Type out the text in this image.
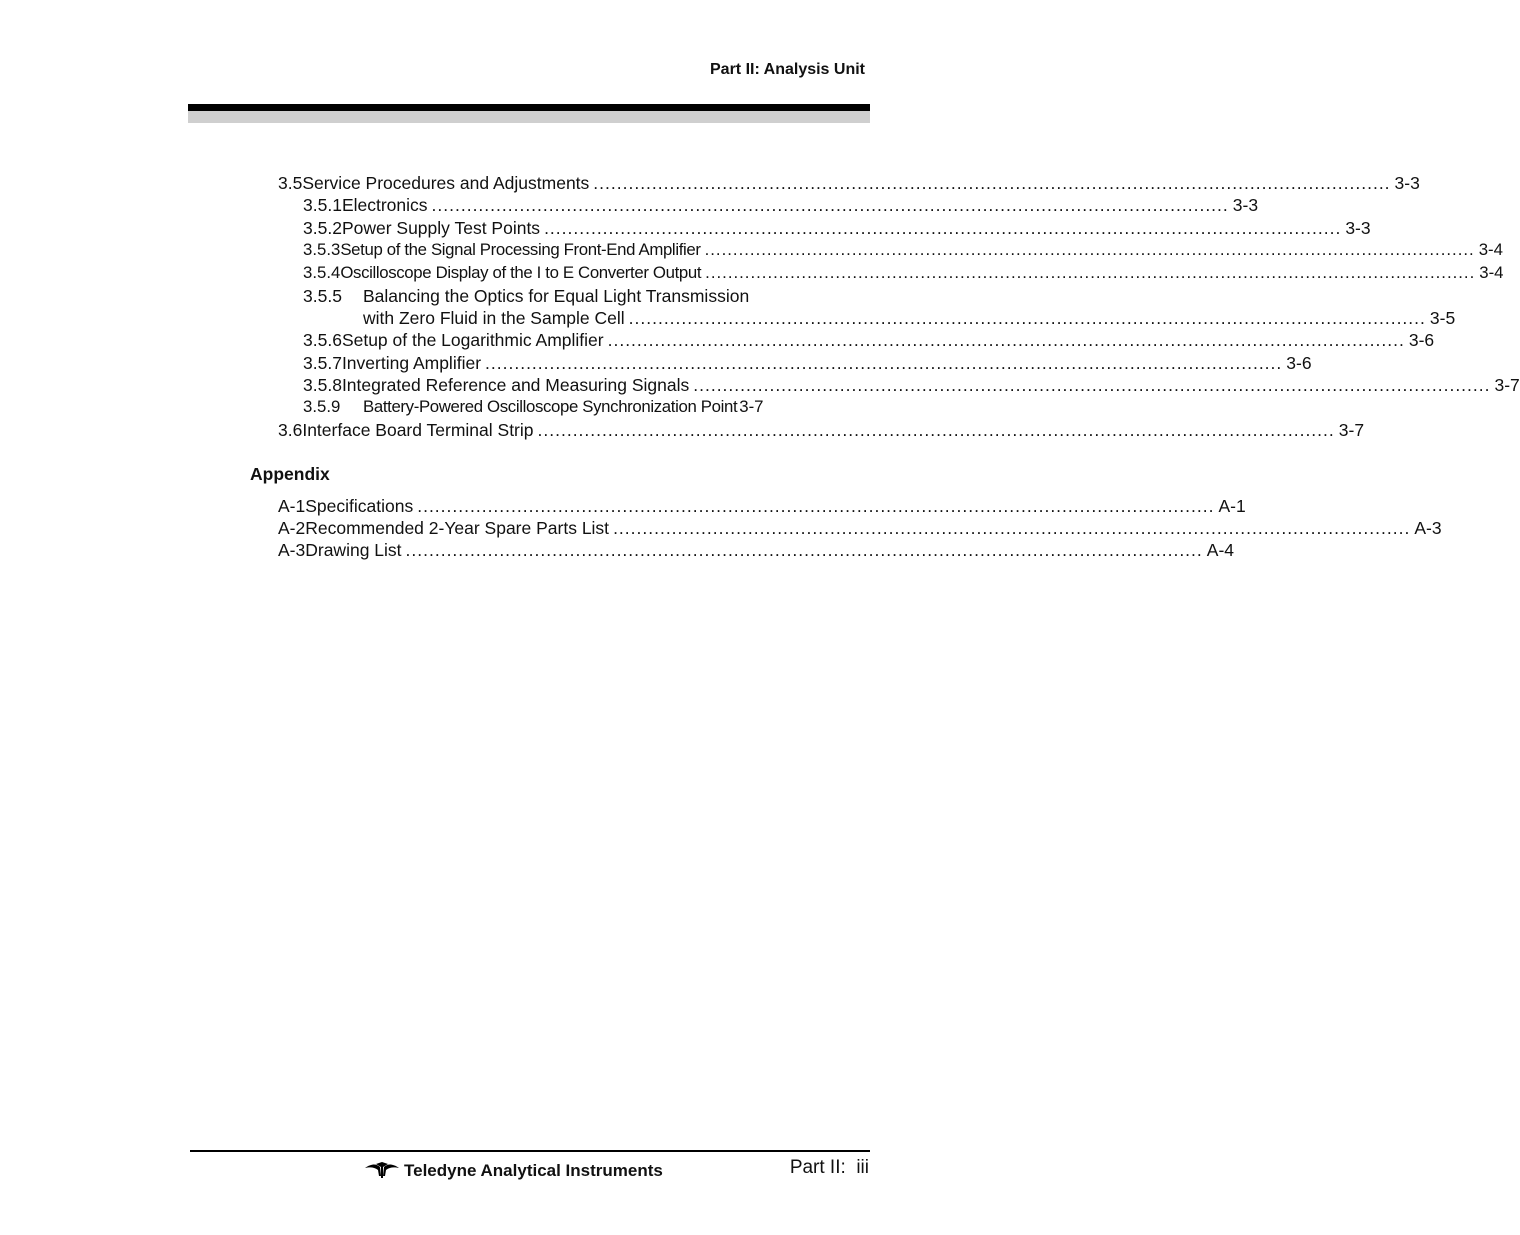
Part II: Analysis Unit
3.5 Service Procedures and Adjustments ........................................................................................................................................ 3-3
3.5.1 Electronics ........................................................................................................................................ 3-3
3.5.2 Power Supply Test Points ........................................................................................................................................ 3-3
3.5.3 Setup of the Signal Processing Front-End Amplifier ........................................................................................................................................ 3-4
3.5.4 Oscilloscope Display of the I to E Converter Output ........................................................................................................................................ 3-4
3.5.5	Balancing the Optics for Equal Light Transmission
with Zero Fluid in the Sample Cell ........................................................................................................................................ 3-5
3.5.6 Setup of the Logarithmic Amplifier ........................................................................................................................................ 3-6
3.5.7 Inverting Amplifier ........................................................................................................................................ 3-6
3.5.8 Integrated Reference and Measuring Signals ........................................................................................................................................ 3-7
3.5.9	Battery-Powered Oscilloscope Synchronization Point 3-7
3.6 Interface Board Terminal Strip ........................................................................................................................................ 3-7
Appendix
A-1 Specifications ........................................................................................................................................ A-1
A-2 Recommended 2-Year Spare Parts List ........................................................................................................................................ A-3
A-3 Drawing List ........................................................................................................................................ A-4
Teledyne Analytical Instruments	Part II:  iii
